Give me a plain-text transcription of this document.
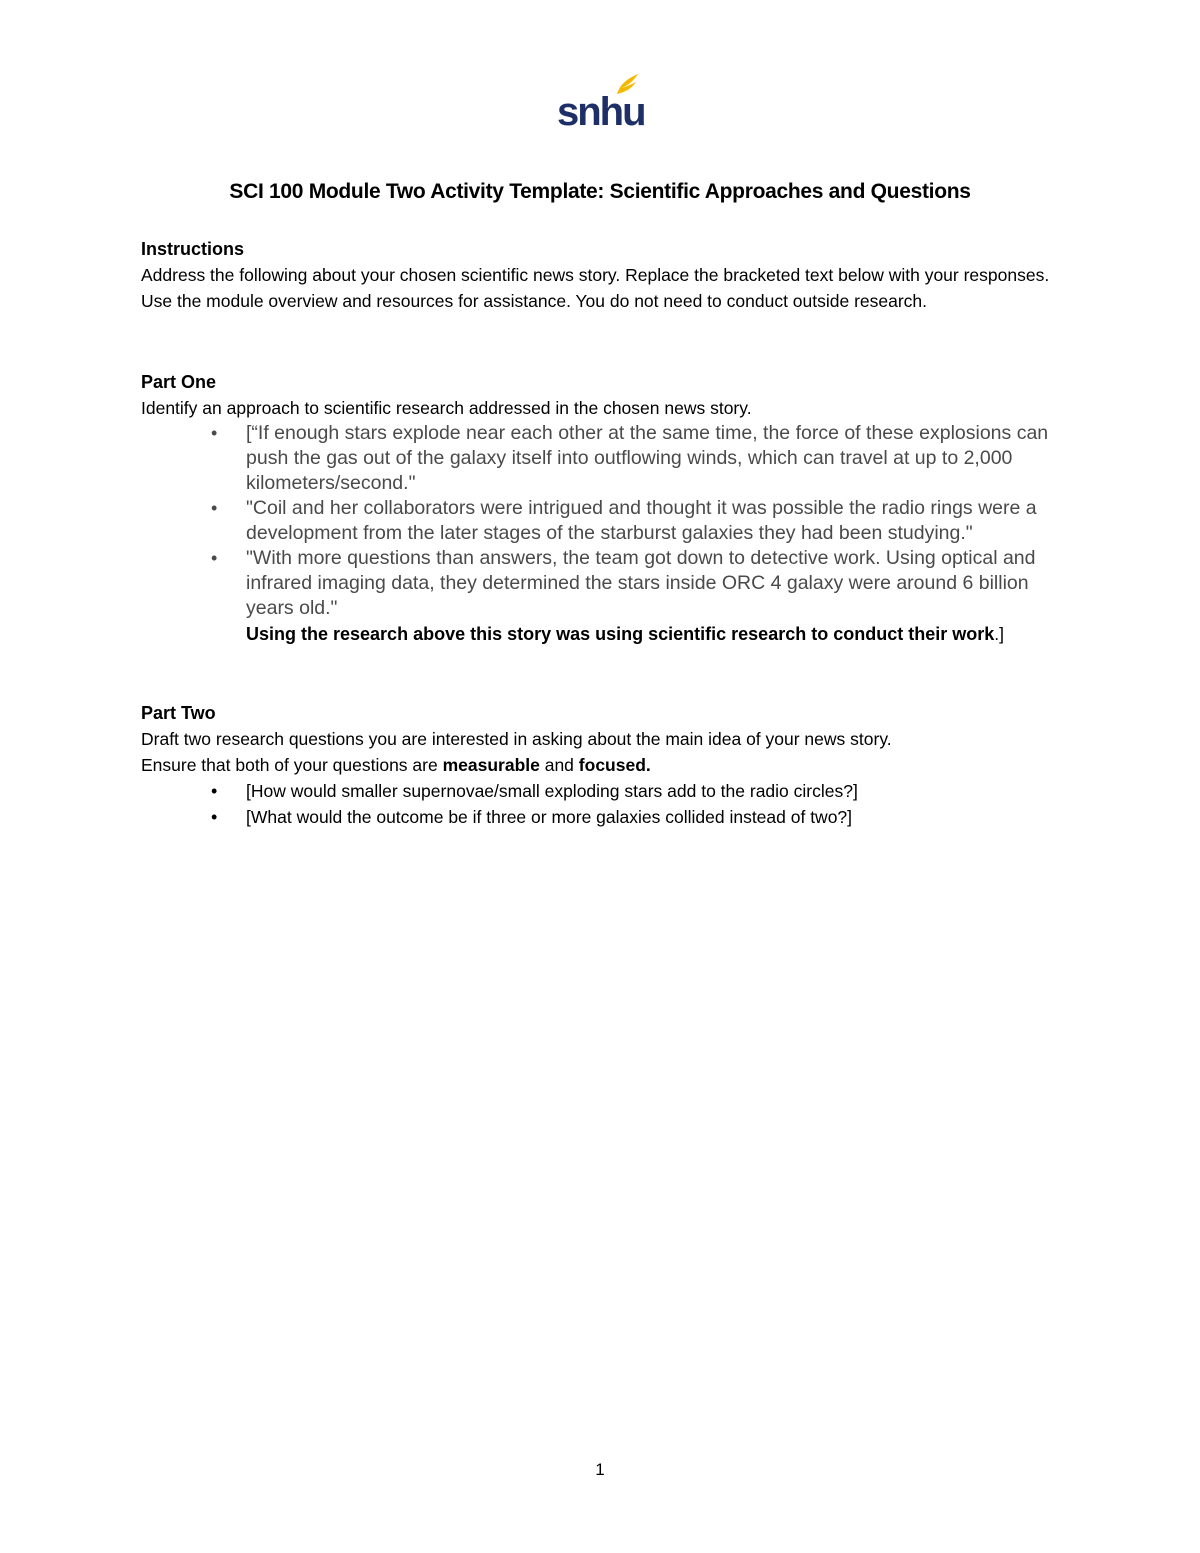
snhu
SCI 100 Module Two Activity Template: Scientific Approaches and Questions
Instructions
Address the following about your chosen scientific news story. Replace the bracketed text below with your responses. Use the module overview and resources for assistance. You do not need to conduct outside research.
Part One
Identify an approach to scientific research addressed in the chosen news story.
• [“If enough stars explode near each other at the same time, the force of these explosions can push the gas out of the galaxy itself into outflowing winds, which can travel at up to 2,000 kilometers/second."
• "Coil and her collaborators were intrigued and thought it was possible the radio rings were a development from the later stages of the starburst galaxies they had been studying."
• "With more questions than answers, the team got down to detective work. Using optical and infrared imaging data, they determined the stars inside ORC 4 galaxy were around 6 billion years old."
Using the research above this story was using scientific research to conduct their work.]
Part Two
Draft two research questions you are interested in asking about the main idea of your news story.
Ensure that both of your questions are measurable and focused.
• [How would smaller supernovae/small exploding stars add to the radio circles?]
• [What would the outcome be if three or more galaxies collided instead of two?]
1
